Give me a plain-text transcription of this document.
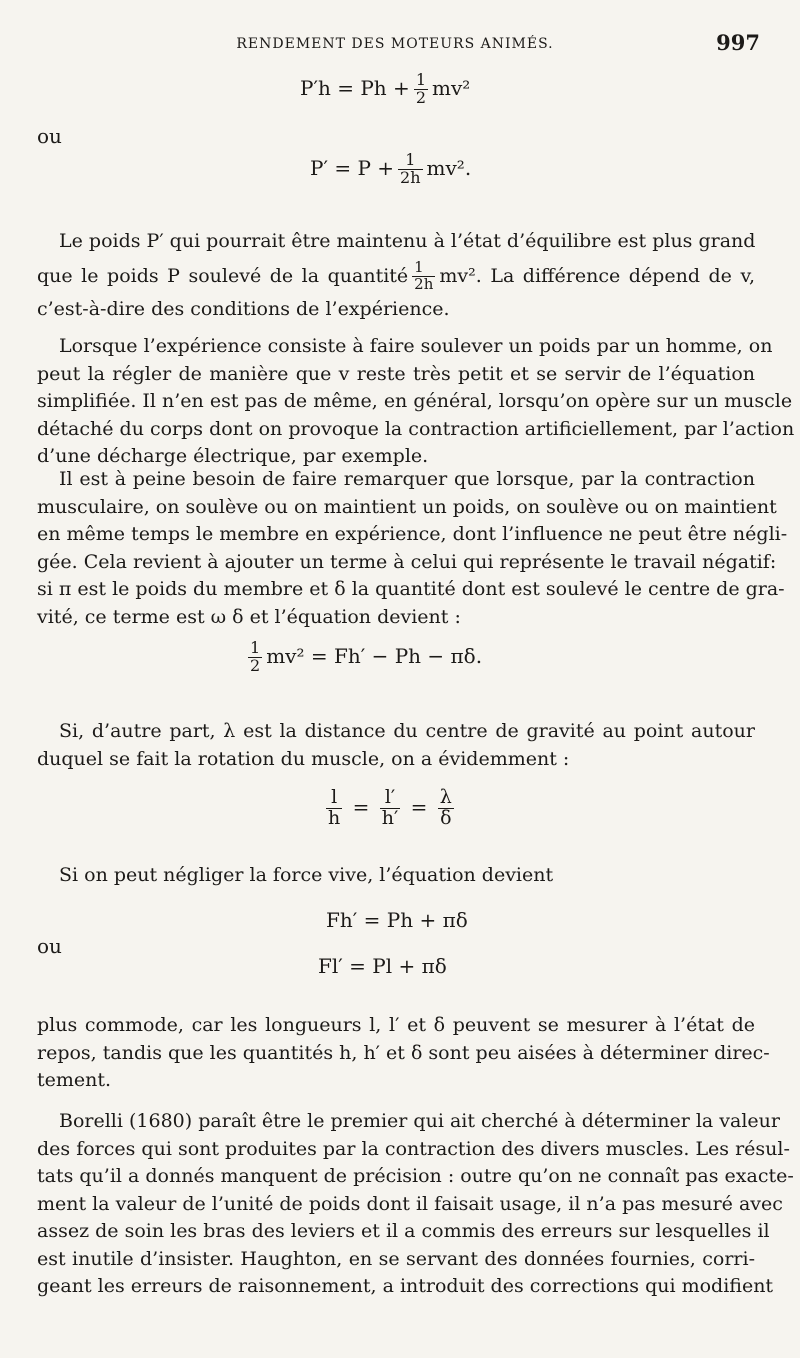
RENDEMENT DES MOTEURS ANIMÉS.	997
$P'h = Ph + \frac{1}{2} mv^2$
ou
$P' = P + \frac{1}{2h} mv^2$.
Le poids P′ qui pourrait être maintenu à l’état d’équilibre est plus grand
que le poids P soulevé de la quantité $\frac{1}{2h} mv^2$. La différence dépend de v,
c’est-à-dire des conditions de l’expérience.
Lorsque l’expérience consiste à faire soulever un poids par un homme, on
peut la régler de manière que v reste très petit et se servir de l’équation
simplifiée. Il n’en est pas de même, en général, lorsqu’on opère sur un muscle
détaché du corps dont on provoque la contraction artificiellement, par l’action
d’une décharge électrique, par exemple.
Il est à peine besoin de faire remarquer que lorsque, par la contraction
musculaire, on soulève ou on maintient un poids, on soulève ou on maintient
en même temps le membre en expérience, dont l’influence ne peut être négli-
gée. Cela revient à ajouter un terme à celui qui représente le travail négatif:
si π est le poids du membre et δ la quantité dont est soulevé le centre de gra-
vité, ce terme est ω δ et l’équation devient :
$\frac{1}{2} mv^2 = Fh' - Ph - \pi\delta$.
Si, d’autre part, λ est la distance du centre de gravité au point autour
duquel se fait la rotation du muscle, on a évidemment :
$\frac{l}{h} = \frac{l'}{h'} = \frac{\lambda}{\delta}$
Si on peut négliger la force vive, l’équation devient
Fh′ = Ph + πδ
ou
Fl′ = Pl + πδ
plus commode, car les longueurs l, l′ et δ peuvent se mesurer à l’état de
repos, tandis que les quantités h, h′ et δ sont peu aisées à déterminer direc-
tement.
Borelli (1680) paraît être le premier qui ait cherché à déterminer la valeur
des forces qui sont produites par la contraction des divers muscles. Les résul-
tats qu’il a donnés manquent de précision : outre qu’on ne connaît pas exacte-
ment la valeur de l’unité de poids dont il faisait usage, il n’a pas mesuré avec
assez de soin les bras des leviers et il a commis des erreurs sur lesquelles il
est inutile d’insister. Haughton, en se servant des données fournies, corri-
geant les erreurs de raisonnement, a introduit des corrections qui modifient
